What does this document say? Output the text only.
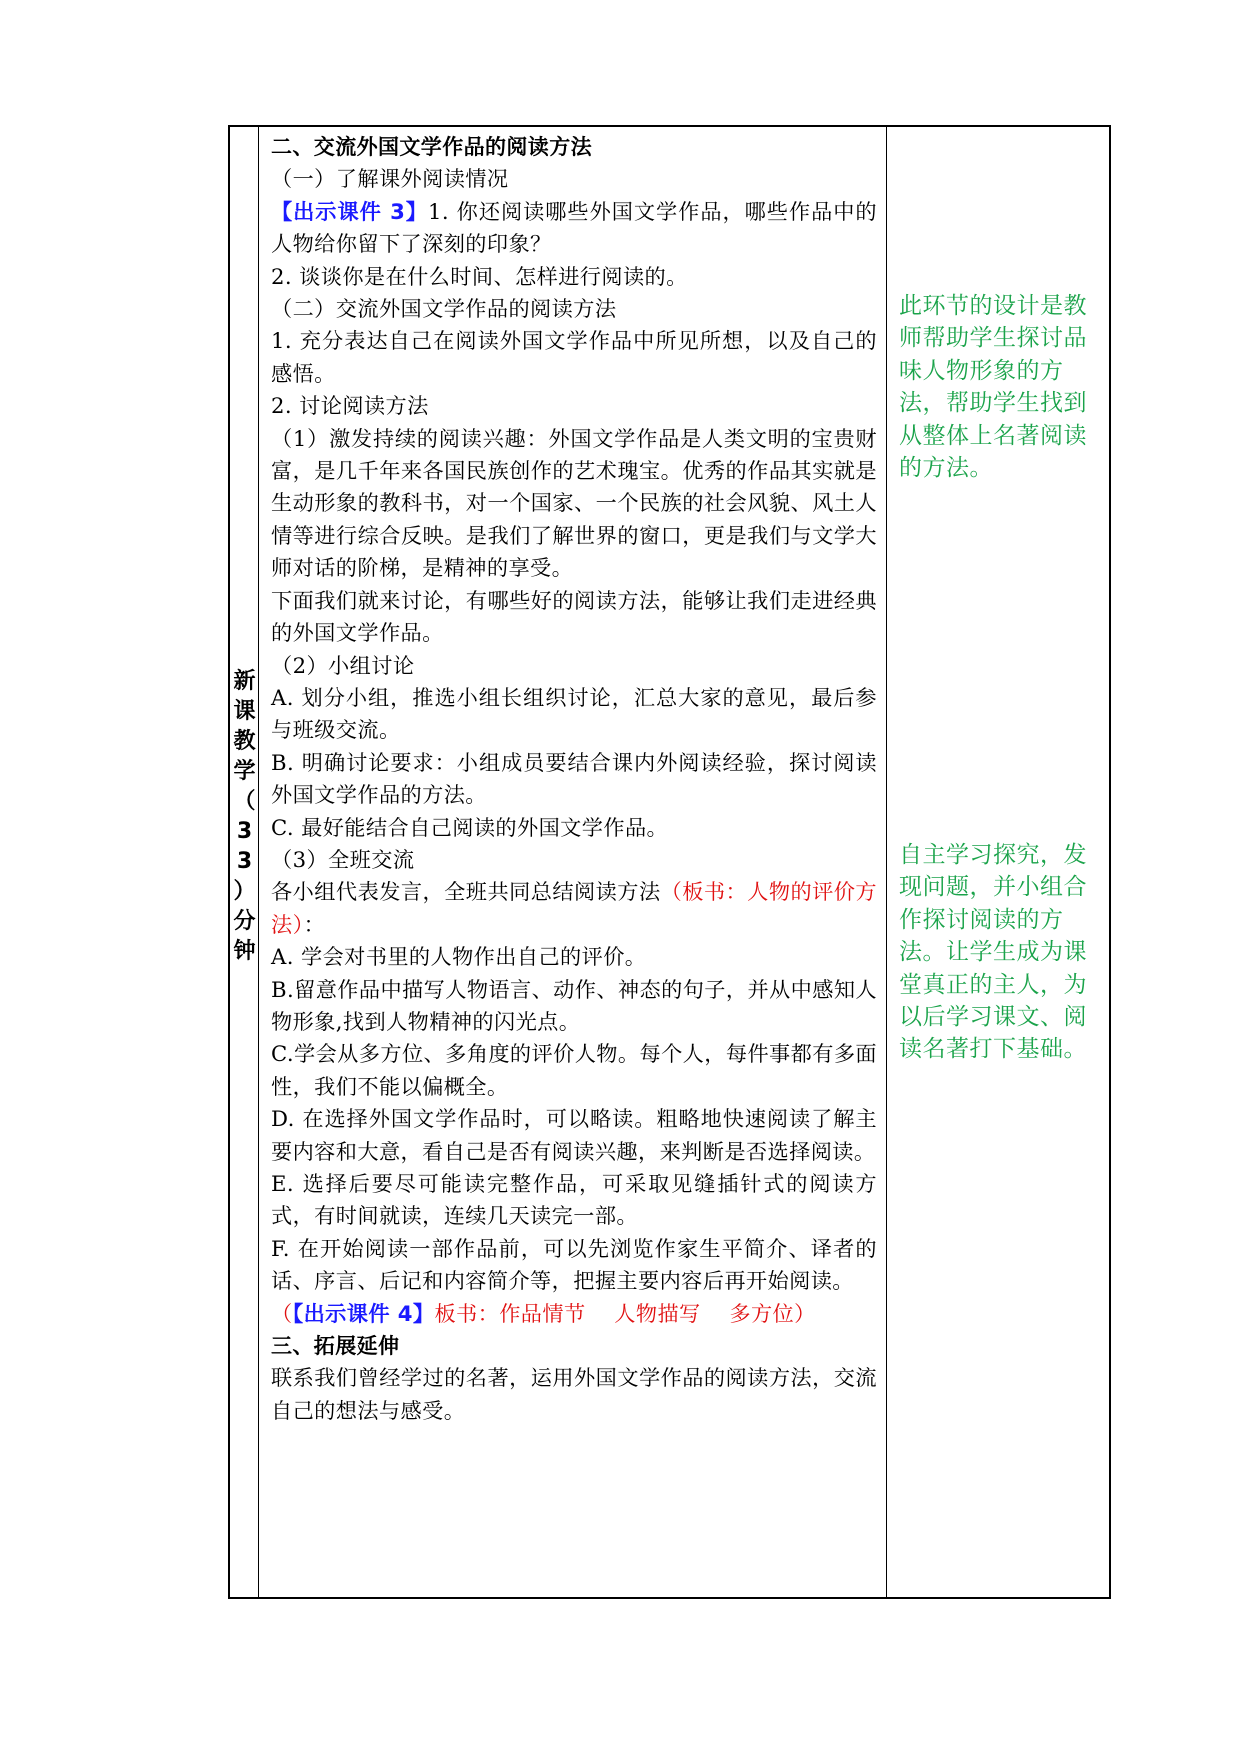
新
课
教
学
（
3
3
）
分
钟

二、交流外国文学作品的阅读方法

（一）了解课外阅读情况

【出示课件 3】1. 你还阅读哪些外国文学作品，哪些作品中的人物给你留下了深刻的印象？

2. 谈谈你是在什么时间、怎样进行阅读的。

（二）交流外国文学作品的阅读方法

1. 充分表达自己在阅读外国文学作品中所见所想，以及自己的感悟。

2. 讨论阅读方法

（1）激发持续的阅读兴趣：外国文学作品是人类文明的宝贵财富，是几千年来各国民族创作的艺术瑰宝。优秀的作品其实就是生动形象的教科书，对一个国家、一个民族的社会风貌、风土人情等进行综合反映。是我们了解世界的窗口，更是我们与文学大师对话的阶梯，是精神的享受。

下面我们就来讨论，有哪些好的阅读方法，能够让我们走进经典的外国文学作品。

（2）小组讨论

A. 划分小组，推选小组长组织讨论，汇总大家的意见，最后参与班级交流。

B. 明确讨论要求：小组成员要结合课内外阅读经验，探讨阅读外国文学作品的方法。

C. 最好能结合自己阅读的外国文学作品。

（3）全班交流

各小组代表发言，全班共同总结阅读方法（板书：人物的评价方法）：

A. 学会对书里的人物作出自己的评价。

B.留意作品中描写人物语言、动作、神态的句子，并从中感知人物形象,找到人物精神的闪光点。

C.学会从多方位、多角度的评价人物。每个人，每件事都有多面性，我们不能以偏概全。

D. 在选择外国文学作品时，可以略读。粗略地快速阅读了解主要内容和大意，看自己是否有阅读兴趣，来判断是否选择阅读。

E. 选择后要尽可能读完整作品，可采取见缝插针式的阅读方式，有时间就读，连续几天读完一部。

F. 在开始阅读一部作品前，可以先浏览作家生平简介、译者的话、序言、后记和内容简介等，把握主要内容后再开始阅读。

（【出示课件 4】板书：作品情节　 人物描写　 多方位）

三、拓展延伸

联系我们曾经学过的名著，运用外国文学作品的阅读方法，交流自己的想法与感受。

此环节的设计是教师帮助学生探讨品味人物形象的方法，帮助学生找到从整体上名著阅读的方法。
自主学习探究，发现问题，并小组合作探讨阅读的方法。让学生成为课堂真正的主人，为以后学习课文、阅读名著打下基础。
